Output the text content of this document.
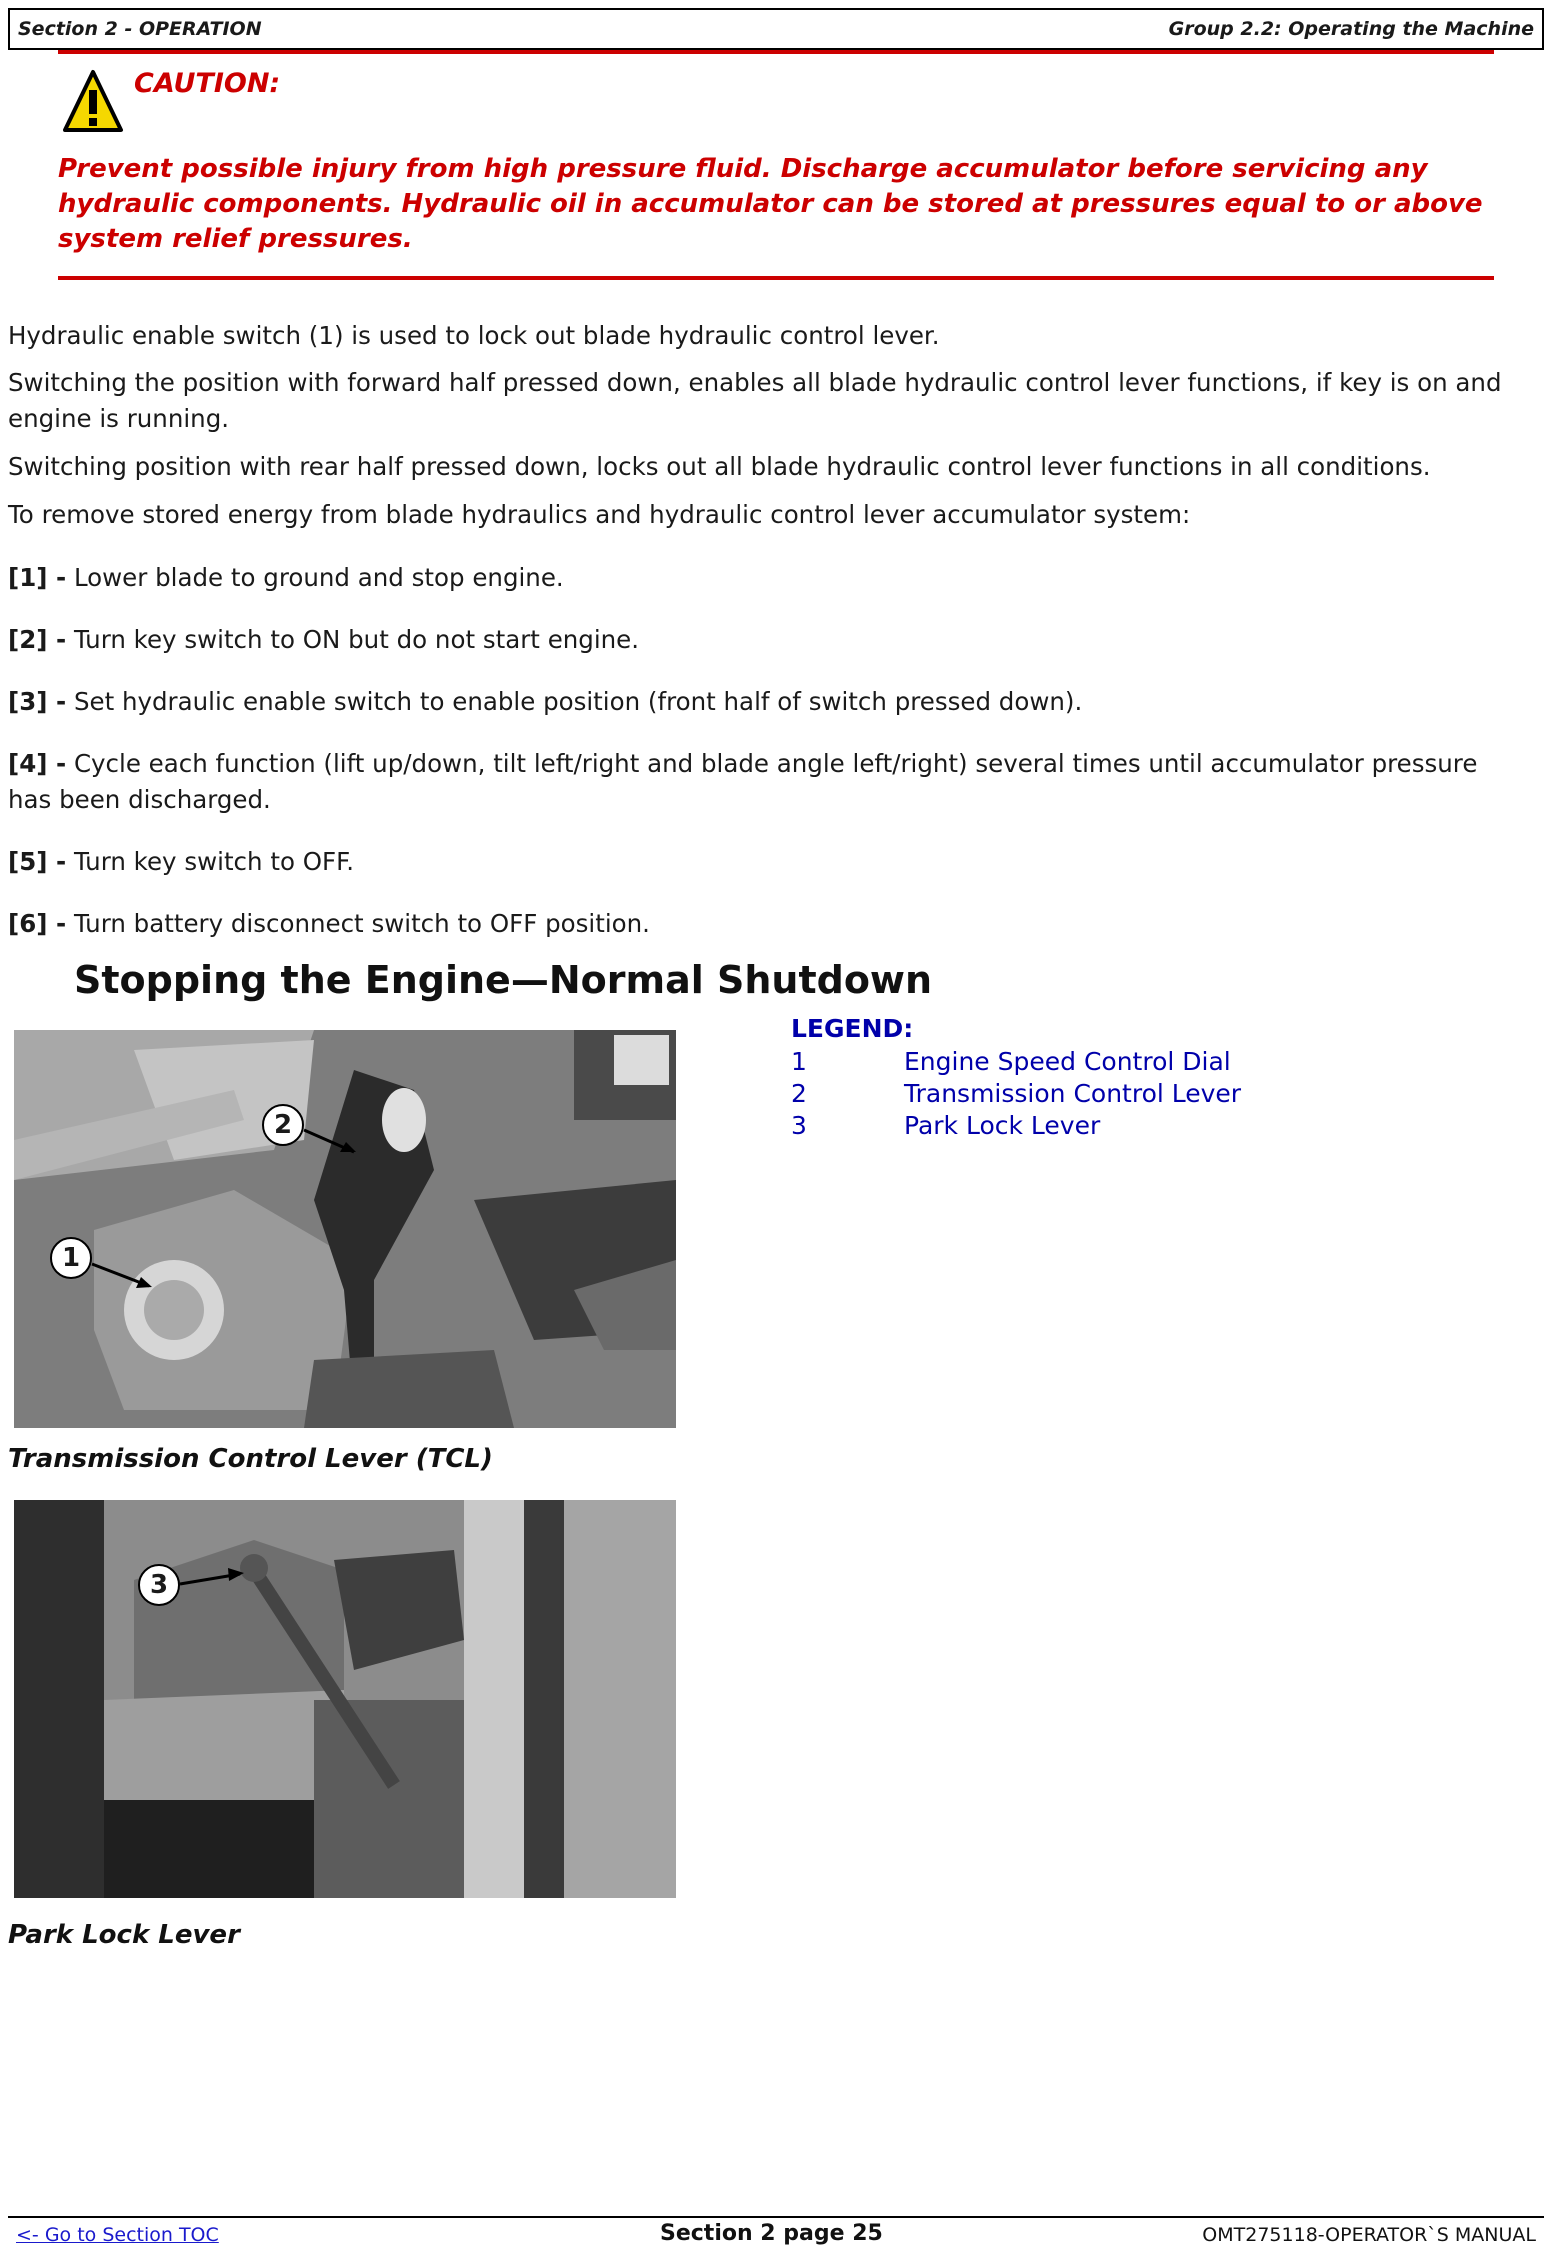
Section 2 - OPERATION	Group 2.2: Operating the Machine
CAUTION:
Prevent possible injury from high pressure fluid. Discharge accumulator before servicing any hydraulic components. Hydraulic oil in accumulator can be stored at pressures equal to or above system relief pressures.
Hydraulic enable switch (1) is used to lock out blade hydraulic control lever.
Switching the position with forward half pressed down, enables all blade hydraulic control lever functions, if key is on and engine is running.
Switching position with rear half pressed down, locks out all blade hydraulic control lever functions in all conditions.
To remove stored energy from blade hydraulics and hydraulic control lever accumulator system:
[1] - Lower blade to ground and stop engine.
[2] - Turn key switch to ON but do not start engine.
[3] - Set hydraulic enable switch to enable position (front half of switch pressed down).
[4] - Cycle each function (lift up/down, tilt left/right and blade angle left/right) several times until accumulator pressure has been discharged.
[5] - Turn key switch to OFF.
[6] - Turn battery disconnect switch to OFF position.
Stopping the Engine—Normal Shutdown
2
1
LEGEND:
1	Engine Speed Control Dial
2	Transmission Control Lever
3	Park Lock Lever
Transmission Control Lever (TCL)
3
Park Lock Lever
<- Go to Section TOC	Section 2 page 25	OMT275118-OPERATOR`S MANUAL
